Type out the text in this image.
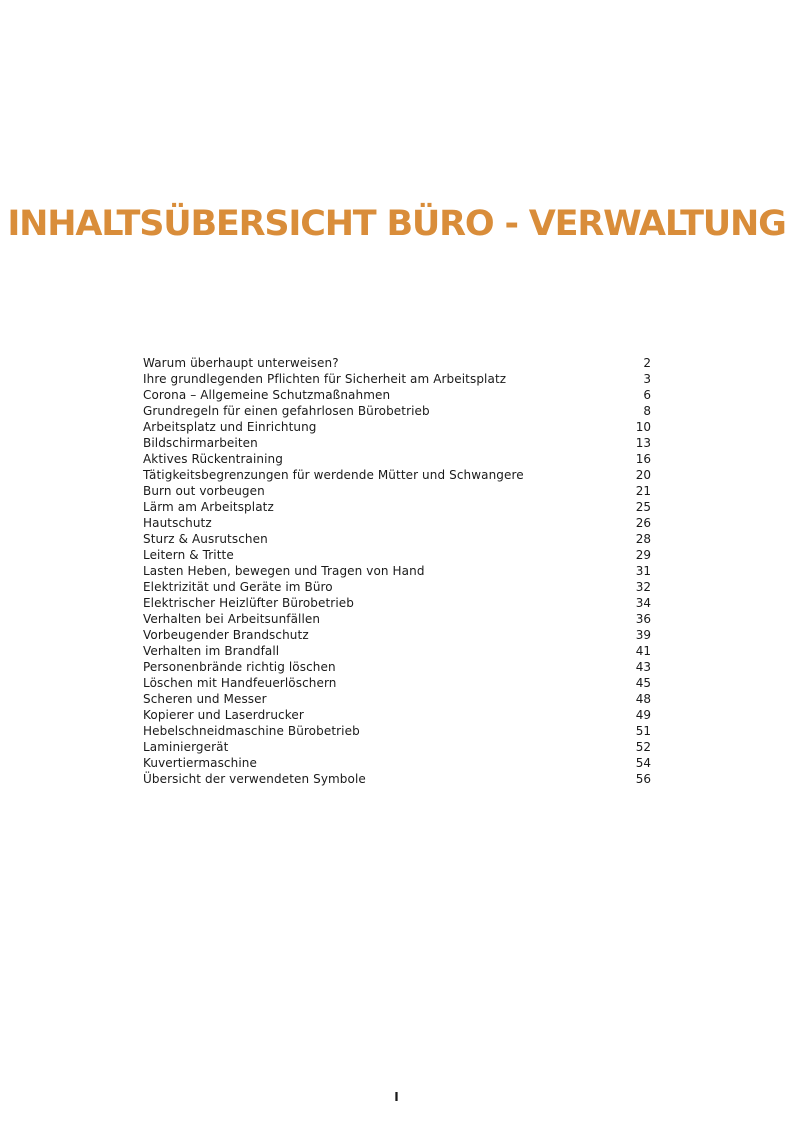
INHALTSÜBERSICHT BÜRO - VERWALTUNG
Warum überhaupt unterweisen?	2
Ihre grundlegenden Pflichten für Sicherheit am Arbeitsplatz	3
Corona – Allgemeine Schutzmaßnahmen	6
Grundregeln für einen gefahrlosen Bürobetrieb	8
Arbeitsplatz und Einrichtung	10
Bildschirmarbeiten	13
Aktives Rückentraining	16
Tätigkeitsbegrenzungen für werdende Mütter und Schwangere	20
Burn out vorbeugen	21
Lärm am Arbeitsplatz	25
Hautschutz	26
Sturz & Ausrutschen	28
Leitern & Tritte	29
Lasten Heben, bewegen und Tragen von Hand	31
Elektrizität und Geräte im Büro	32
Elektrischer Heizlüfter Bürobetrieb	34
Verhalten bei Arbeitsunfällen	36
Vorbeugender Brandschutz	39
Verhalten im Brandfall	41
Personenbrände richtig löschen	43
Löschen mit Handfeuerlöschern	45
Scheren und Messer	48
Kopierer und Laserdrucker	49
Hebelschneidmaschine Bürobetrieb	51
Laminiergerät	52
Kuvertiermaschine	54
Übersicht der verwendeten Symbole	56
I
